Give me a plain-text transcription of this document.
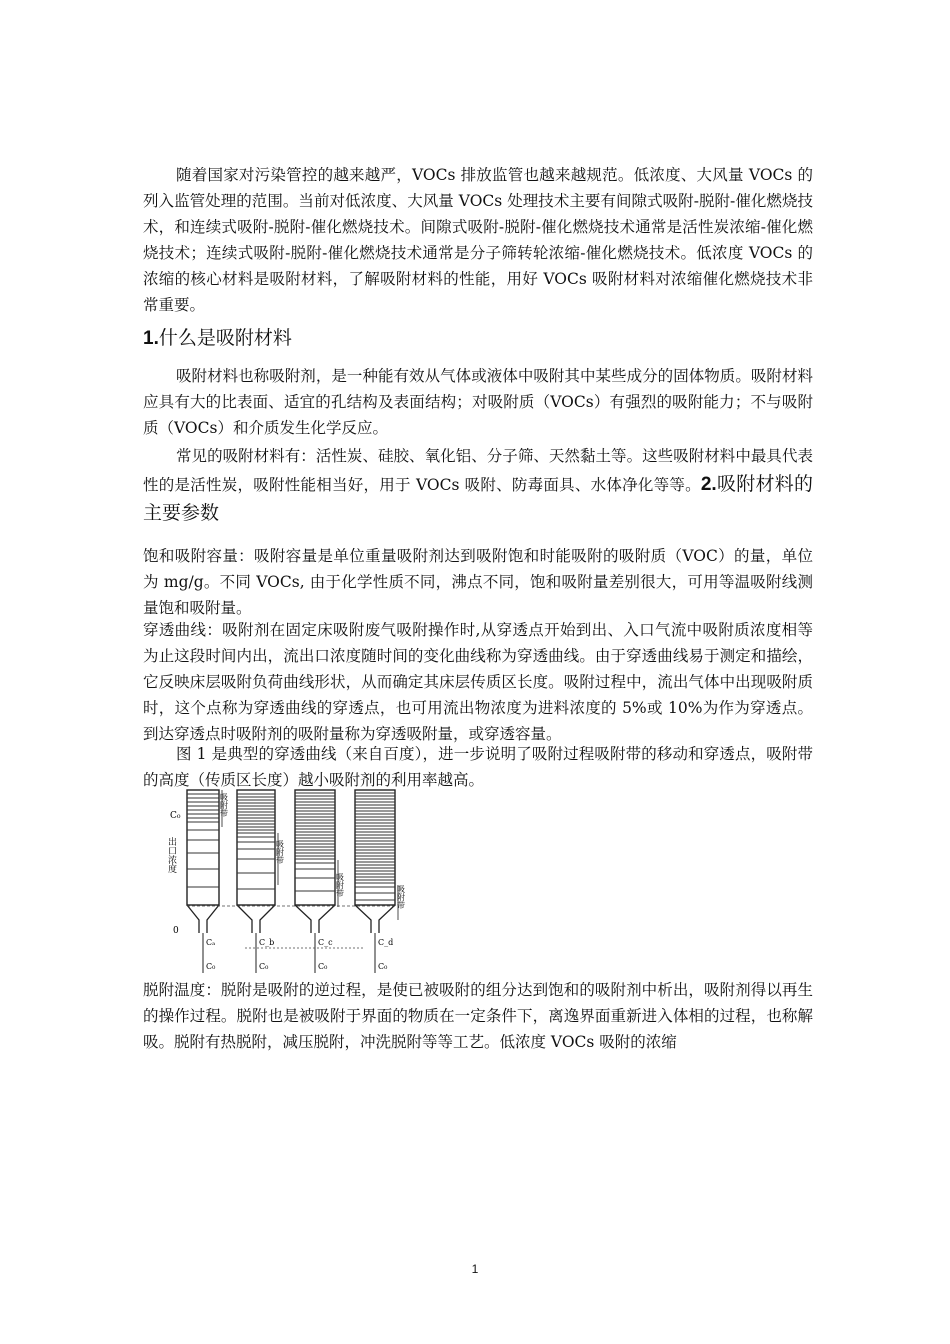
随着国家对污染管控的越来越严，VOCs 排放监管也越来越规范。低浓度、大风量 VOCs 的列入监管处理的范围。当前对低浓度、大风量 VOCs 处理技术主要有间隙式吸附-脱附-催化燃烧技术，和连续式吸附-脱附-催化燃烧技术。间隙式吸附-脱附-催化燃烧技术通常是活性炭浓缩-催化燃烧技术；连续式吸附-脱附-催化燃烧技术通常是分子筛转轮浓缩-催化燃烧技术。低浓度 VOCs 的浓缩的核心材料是吸附材料，了解吸附材料的性能，用好 VOCs 吸附材料对浓缩催化燃烧技术非常重要。
1.什么是吸附材料
吸附材料也称吸附剂，是一种能有效从气体或液体中吸附其中某些成分的固体物质。吸附材料应具有大的比表面、适宜的孔结构及表面结构；对吸附质（VOCs）有强烈的吸附能力；不与吸附质（VOCs）和介质发生化学反应。
常见的吸附材料有：活性炭、硅胶、氧化铝、分子筛、天然黏土等。这些吸附材料中最具代表性的是活性炭，吸附性能相当好，用于 VOCs 吸附、防毒面具、水体净化等等。2.吸附材料的主要参数
饱和吸附容量：吸附容量是单位重量吸附剂达到吸附饱和时能吸附的吸附质（VOC）的量，单位为 mg/g。不同 VOCs, 由于化学性质不同，沸点不同，饱和吸附量差别很大，可用等温吸附线测量饱和吸附量。
穿透曲线：吸附剂在固定床吸附废气吸附操作时,从穿透点开始到出、入口气流中吸附质浓度相等为止这段时间内出，流出口浓度随时间的变化曲线称为穿透曲线。由于穿透曲线易于测定和描绘，它反映床层吸附负荷曲线形状，从而确定其床层传质区长度。吸附过程中，流出气体中出现吸附质时，这个点称为穿透曲线的穿透点，也可用流出物浓度为进料浓度的 5%或 10%为作为穿透点。到达穿透点时吸附剂的吸附量称为穿透吸附量，或穿透容量。
图 1 是典型的穿透曲线（来自百度），进一步说明了吸附过程吸附带的移动和穿透点，吸附带的高度（传质区长度）越小吸附剂的利用率越高。
出口浓度
C₀
0
Cₐ
C₀
吸附带
C_b
C₀
吸附带
C_c
C₀
吸附带
C_d
C₀
吸附带
脱附温度：脱附是吸附的逆过程，是使已被吸附的组分达到饱和的吸附剂中析出，吸附剂得以再生的操作过程。脱附也是被吸附于界面的物质在一定条件下，离逸界面重新进入体相的过程，也称解吸。脱附有热脱附，减压脱附，冲洗脱附等等工艺。低浓度 VOCs 吸附的浓缩
1
